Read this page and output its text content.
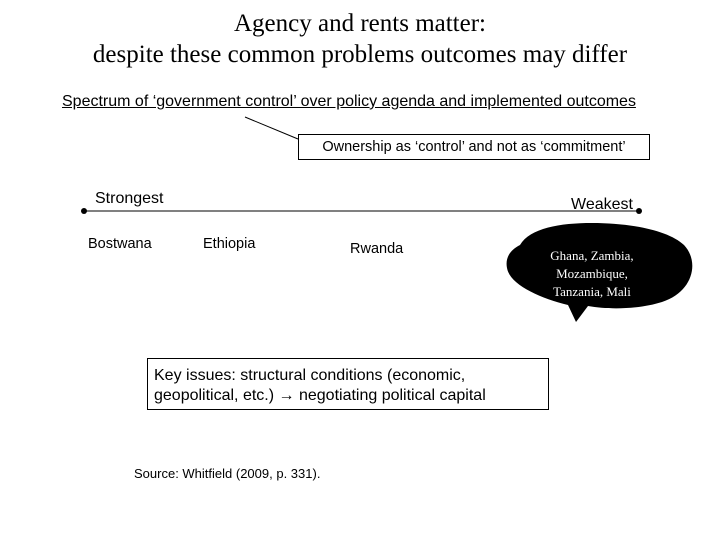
Agency and rents matter:
despite these common problems outcomes may differ
Spectrum of ‘government control’ over policy agenda and implemented outcomes
Ownership as ‘control’ and not as ‘commitment’
Strongest	Weakest
Bostwana	Ethiopia	Rwanda	Ghana, Zambia,
Mozambique,
Tanzania, Mali
Key issues: structural conditions (economic,
geopolitical, etc.) → negotiating political capital
Source: Whitfield (2009, p. 331).
